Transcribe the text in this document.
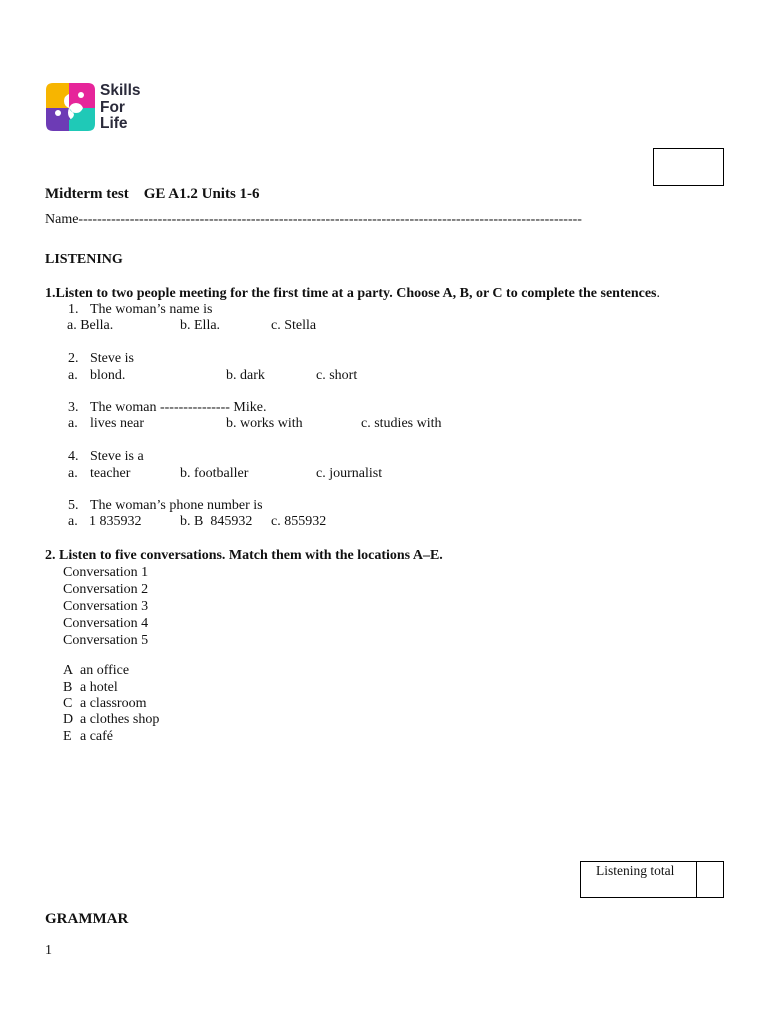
Skills
For
Life
Midterm test    GE A1.2 Units 1-6
Name------------------------------------------------------------------------------------------------------------
LISTENING
1.Listen to two people meeting for the first time at a party. Choose A, B, or C to complete the sentences.
1. The woman’s name is
a. Bella.	b. Ella.	c. Stella
2. Steve is
a. blond.	b. dark	c. short
3. The woman --------------- Mike.
a. lives near	b. works with	c. studies with
4. Steve is a
a. teacher	b. footballer	c. journalist
5. The woman’s phone number is
a. 1 835932	b. B  845932 c. 855932
2. Listen to five conversations. Match them with the locations A–E.
Conversation 1
Conversation 2
Conversation 3
Conversation 4
Conversation 5
A an office
B a hotel
C a classroom
D a clothes shop
E a café
Listening total
GRAMMAR
1
